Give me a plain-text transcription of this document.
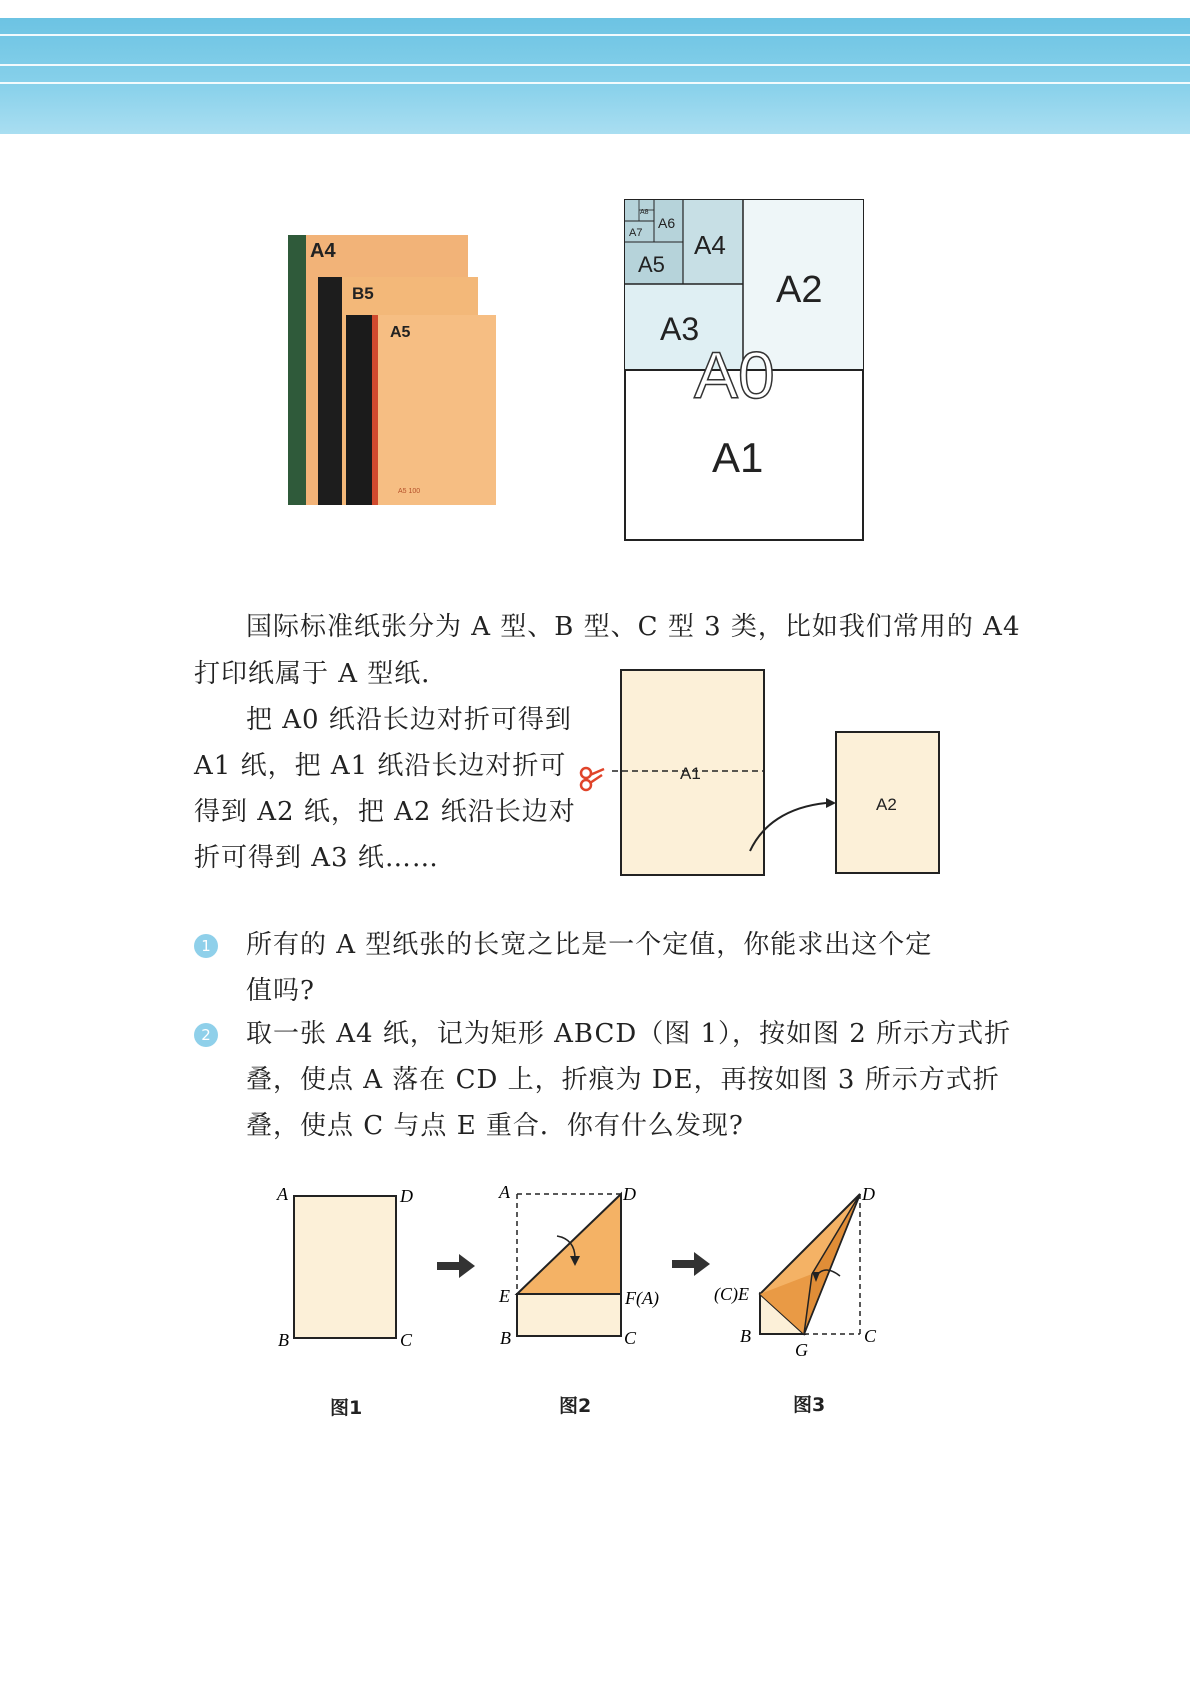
A4
B5
A5
A5 100
A8
A7
A6
A5
A4
A3
A2
A1
A0

国际标准纸张分为 A 型、B 型、C 型 3 类，比如我们常用的 A4

打印纸属于 A 型纸．

把 A0 纸沿长边对折可得到

A1 纸，把 A1 纸沿长边对折可

得到 A2 纸，把 A2 纸沿长边对

折可得到 A3 纸……

A1
A2
1 所有的 A 型纸张的长宽之比是一个定值，你能求出这个定

值吗?

2 取一张 A4 纸，记为矩形 ABCD（图 1），按如图 2 所示方式折

叠，使点 A 落在 CD 上，折痕为 DE，再按如图 3 所示方式折

叠，使点 C 与点 E 重合．你有什么发现?

A	D
B	C
A	D
E	F(A)
B	C
D
(C)E
B
G
C
图1	图2	图3
